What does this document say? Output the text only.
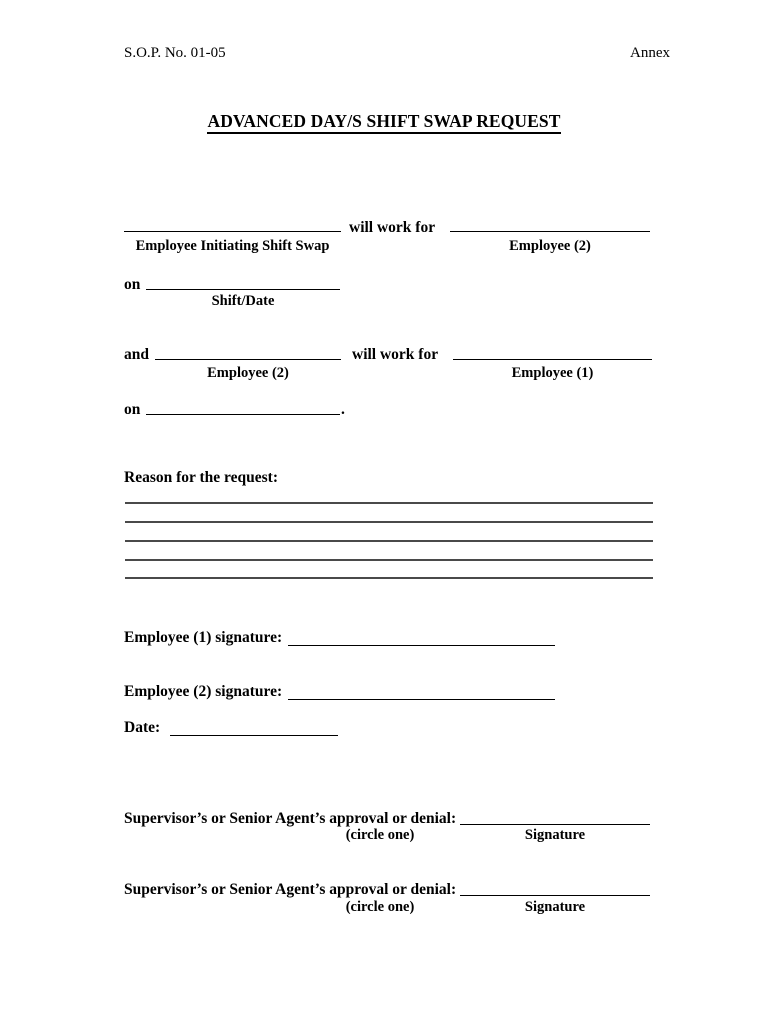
S.O.P. No. 01-05	Annex
ADVANCED DAY/S SHIFT SWAP REQUEST
Employee Initiating Shift Swap
will work for
Employee (2)
on
Shift/Date
and
Employee (2)
will work for
Employee (1)
on	.
Reason for the request:
Employee (1) signature:
Employee (2) signature:
Date:
Supervisor’s or Senior Agent’s approval or denial:
(circle one)	Signature
Supervisor’s or Senior Agent’s approval or denial:
(circle one)	Signature
